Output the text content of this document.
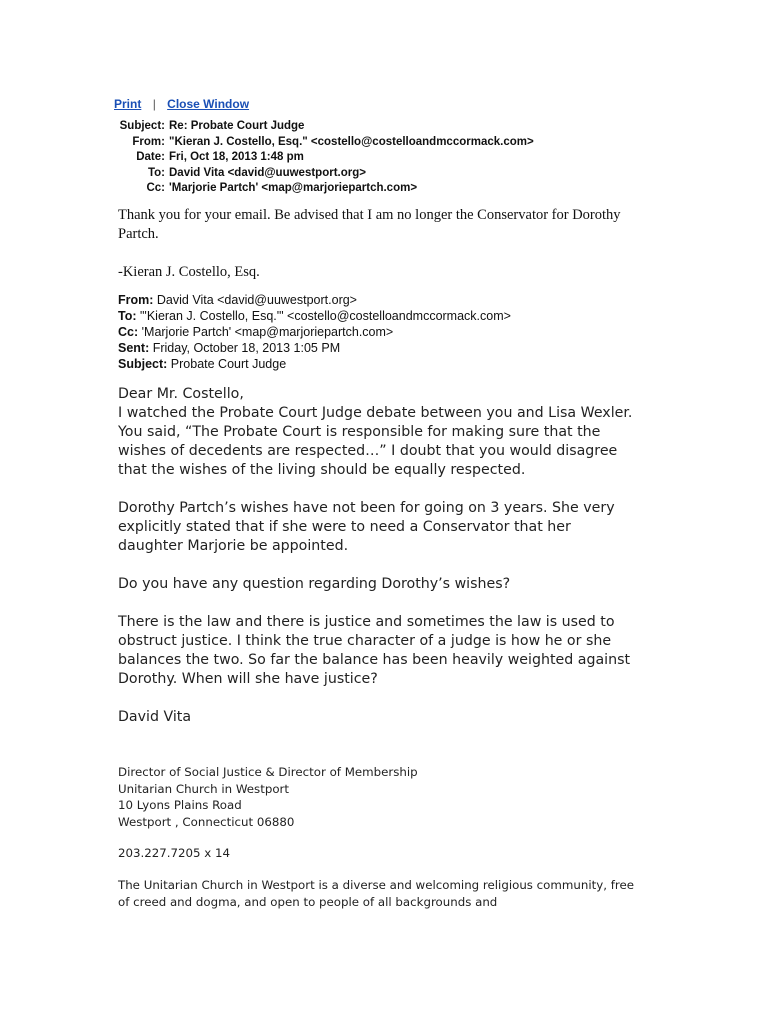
Print | Close Window
Subject: Re: Probate Court Judge
From: "Kieran J. Costello, Esq." <costello@costelloandmccormack.com>
Date: Fri, Oct 18, 2013 1:48 pm
To: David Vita <david@uuwestport.org>
Cc: 'Marjorie Partch' <map@marjoriepartch.com>

Thank you for your email. Be advised that I am no longer the Conservator for Dorothy Partch.

-Kieran J. Costello, Esq.

From: David Vita <david@uuwestport.org>
To: "'Kieran J. Costello, Esq.'" <costello@costelloandmccormack.com>
Cc: 'Marjorie Partch' <map@marjoriepartch.com>
Sent: Friday, October 18, 2013 1:05 PM
Subject: Probate Court Judge

Dear Mr. Costello,

I watched the Probate Court Judge debate between you and Lisa Wexler. You said, “The Probate Court is responsible for making sure that the wishes of decedents are respected…” I doubt that you would disagree that the wishes of the living should be equally respected.

Dorothy Partch’s wishes have not been for going on 3 years. She very explicitly stated that if she were to need a Conservator that her daughter Marjorie be appointed.

Do you have any question regarding Dorothy’s wishes?

There is the law and there is justice and sometimes the law is used to obstruct justice. I think the true character of a judge is how he or she balances the two. So far the balance has been heavily weighted against Dorothy. When will she have justice?

David Vita

Director of Social Justice & Director of Membership

Unitarian Church in Westport

10 Lyons Plains Road

Westport , Connecticut 06880

203.227.7205 x 14

The Unitarian Church in Westport is a diverse and welcoming religious community, free of creed and dogma, and open to people of all backgrounds and
